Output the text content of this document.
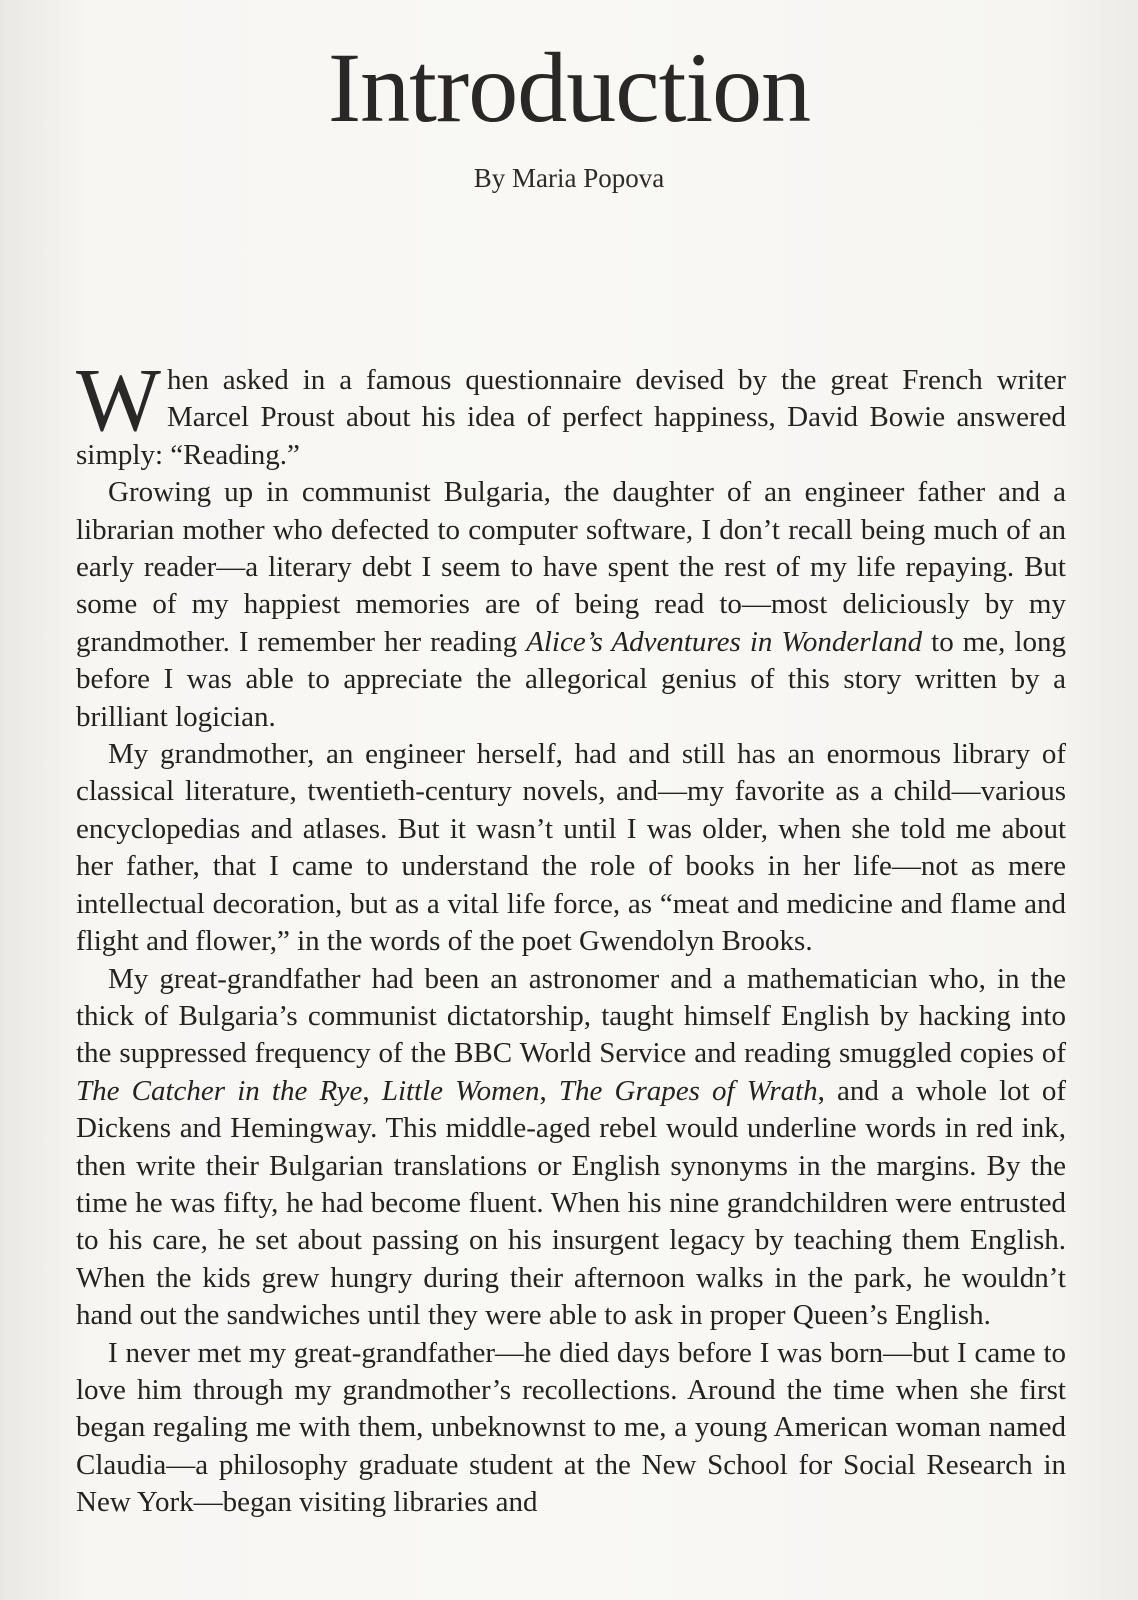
Introduction
By Maria Popova

When asked in a famous questionnaire devised by the great French writer Marcel Proust about his idea of perfect happiness, David Bowie answered simply: “Reading.”

Growing up in communist Bulgaria, the daughter of an engineer father and a librarian mother who defected to computer software, I don’t recall being much of an early reader—a literary debt I seem to have spent the rest of my life repaying. But some of my happiest memories are of being read to—most deliciously by my grandmother. I remember her reading Alice’s Adventures in Wonderland to me, long before I was able to appreciate the allegorical genius of this story written by a brilliant logician.

My grandmother, an engineer herself, had and still has an enormous library of classical literature, twentieth-century novels, and—my favorite as a child—various encyclopedias and atlases. But it wasn’t until I was older, when she told me about her father, that I came to understand the role of books in her life—not as mere intellectual decoration, but as a vital life force, as “meat and medicine and flame and flight and flower,” in the words of the poet Gwendolyn Brooks.

My great-grandfather had been an astronomer and a mathematician who, in the thick of Bulgaria’s communist dictatorship, taught himself English by hacking into the suppressed frequency of the BBC World Service and reading smuggled copies of The Catcher in the Rye, Little Women, The Grapes of Wrath, and a whole lot of Dickens and Hemingway. This middle-aged rebel would underline words in red ink, then write their Bulgarian translations or English synonyms in the margins. By the time he was fifty, he had become fluent. When his nine grandchildren were entrusted to his care, he set about passing on his insurgent legacy by teaching them English. When the kids grew hungry during their afternoon walks in the park, he wouldn’t hand out the sandwiches until they were able to ask in proper Queen’s English.

I never met my great-grandfather—he died days before I was born—but I came to love him through my grandmother’s recollections. Around the time when she first began regaling me with them, unbeknownst to me, a young American woman named Claudia—a philosophy graduate student at the New School for Social Research in New York—began visiting libraries and
